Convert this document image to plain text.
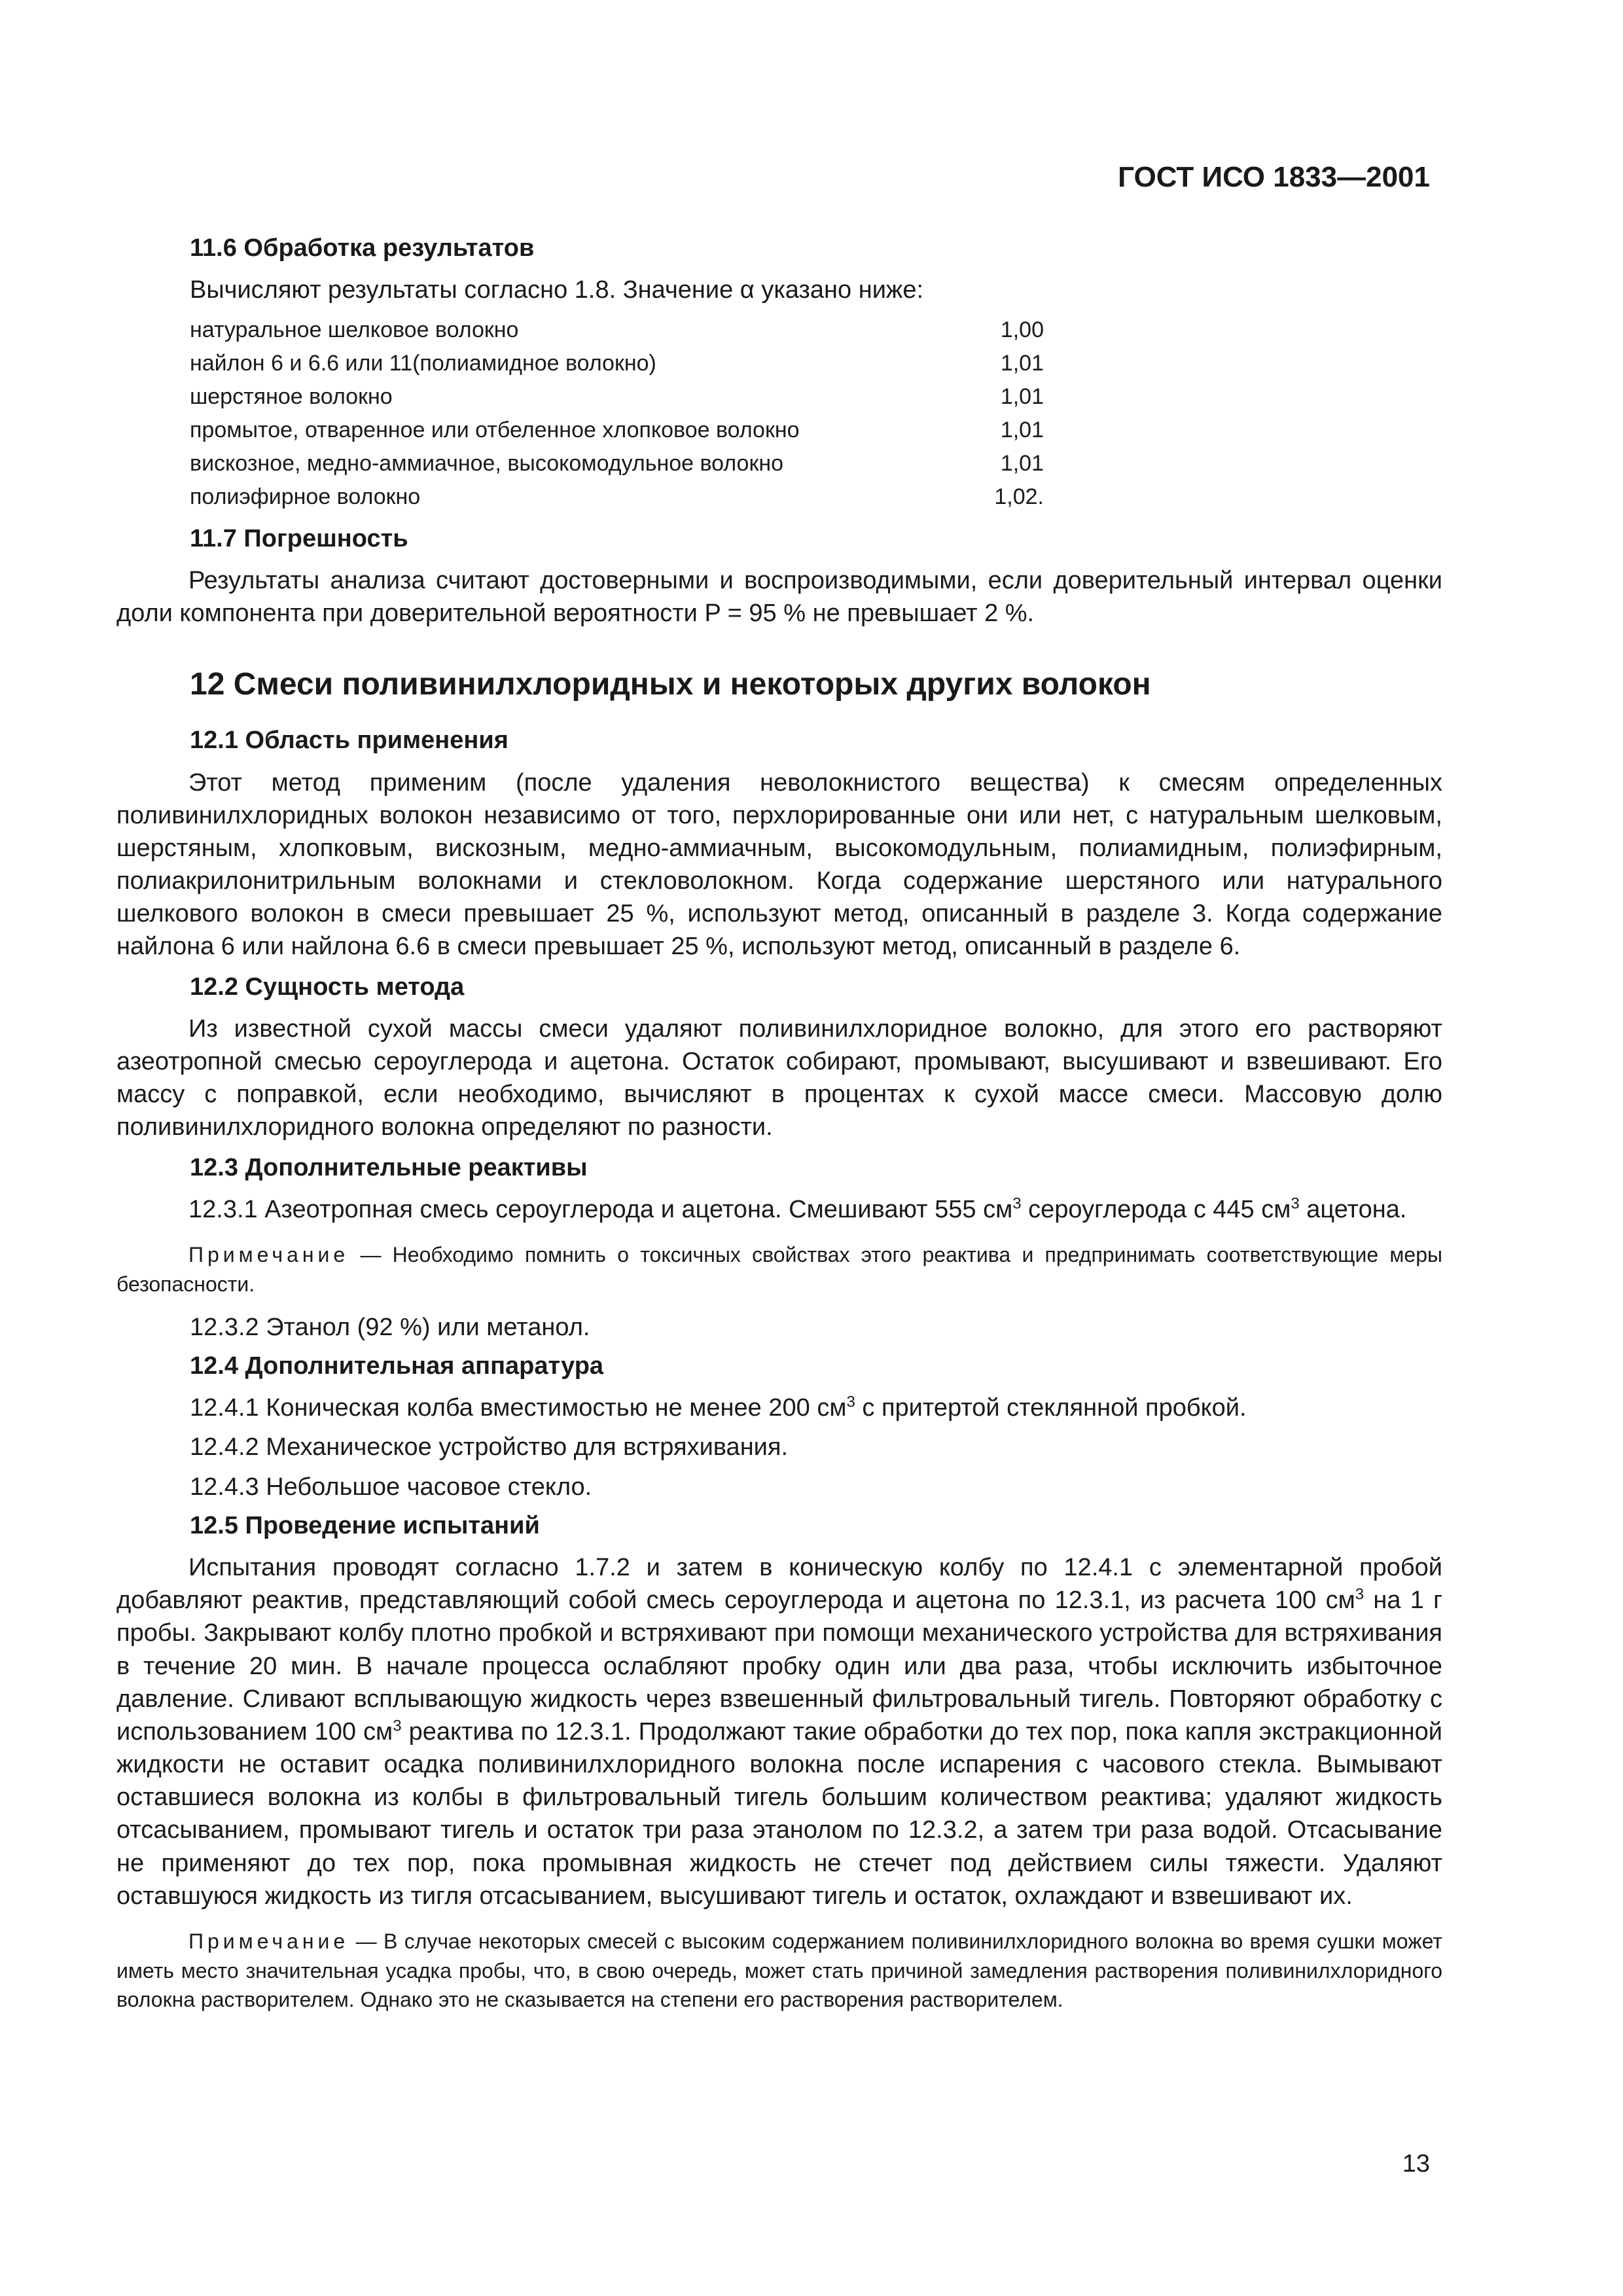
ГОСТ ИСО 1833—2001
11.6 Обработка результатов
Вычисляют результаты согласно 1.8. Значение α указано ниже:
натуральное шелковое волокно	1,00
найлон 6 и 6.6 или 11(полиамидное волокно)	1,01
шерстяное волокно	1,01
промытое, отваренное или отбеленное хлопковое волокно	1,01
вискозное, медно-аммиачное, высокомодульное волокно	1,01
полиэфирное волокно	1,02.
11.7 Погрешность
Результаты анализа считают достоверными и воспроизводимыми, если доверительный интервал оценки доли компонента при доверительной вероятности P = 95 % не превышает 2 %.
12 Смеси поливинилхлоридных и некоторых других волокон
12.1 Область применения
Этот метод применим (после удаления неволокнистого вещества) к смесям определенных поливинилхлоридных волокон независимо от того, перхлорированные они или нет, с натуральным шелковым, шерстяным, хлопковым, вискозным, медно-аммиачным, высокомодульным, полиамидным, полиэфирным, полиакрилонитрильным волокнами и стекловолокном. Когда содержание шерстяного или натурального шелкового волокон в смеси превышает 25 %, используют метод, описанный в разделе 3. Когда содержание найлона 6 или найлона 6.6 в смеси превышает 25 %, используют метод, описанный в разделе 6.
12.2 Сущность метода
Из известной сухой массы смеси удаляют поливинилхлоридное волокно, для этого его растворяют азеотропной смесью сероуглерода и ацетона. Остаток собирают, промывают, высушивают и взвешивают. Его массу с поправкой, если необходимо, вычисляют в процентах к сухой массе смеси. Массовую долю поливинилхлоридного волокна определяют по разности.
12.3 Дополнительные реактивы
12.3.1 Азеотропная смесь сероуглерода и ацетона. Смешивают 555 $см^3$ сероуглерода с 445 $см^3$ ацетона.
Примечание — Необходимо помнить о токсичных свойствах этого реактива и предпринимать соответствующие меры безопасности.
12.3.2 Этанол (92 %) или метанол.
12.4 Дополнительная аппаратура
12.4.1 Коническая колба вместимостью не менее 200 $см^3$ с притертой стеклянной пробкой.
12.4.2 Механическое устройство для встряхивания.
12.4.3 Небольшое часовое стекло.
12.5 Проведение испытаний
Испытания проводят согласно 1.7.2 и затем в коническую колбу по 12.4.1 с элементарной пробой добавляют реактив, представляющий собой смесь сероуглерода и ацетона по 12.3.1, из расчета 100 $см^3$ на 1 г пробы. Закрывают колбу плотно пробкой и встряхивают при помощи механического устройства для встряхивания в течение 20 мин. В начале процесса ослабляют пробку один или два раза, чтобы исключить избыточное давление. Сливают всплывающую жидкость через взвешенный фильтровальный тигель. Повторяют обработку с использованием 100 $см^3$ реактива по 12.3.1. Продолжают такие обработки до тех пор, пока капля экстракционной жидкости не оставит осадка поливинилхлоридного волокна после испарения с часового стекла. Вымывают оставшиеся волокна из колбы в фильтровальный тигель большим количеством реактива; удаляют жидкость отсасыванием, промывают тигель и остаток три раза этанолом по 12.3.2, а затем три раза водой. Отсасывание не применяют до тех пор, пока промывная жидкость не стечет под действием силы тяжести. Удаляют оставшуюся жидкость из тигля отсасыванием, высушивают тигель и остаток, охлаждают и взвешивают их.
Примечание — В случае некоторых смесей с высоким содержанием поливинилхлоридного волокна во время сушки может иметь место значительная усадка пробы, что, в свою очередь, может стать причиной замедления растворения поливинилхлоридного волокна растворителем. Однако это не сказывается на степени его растворения растворителем.
13
